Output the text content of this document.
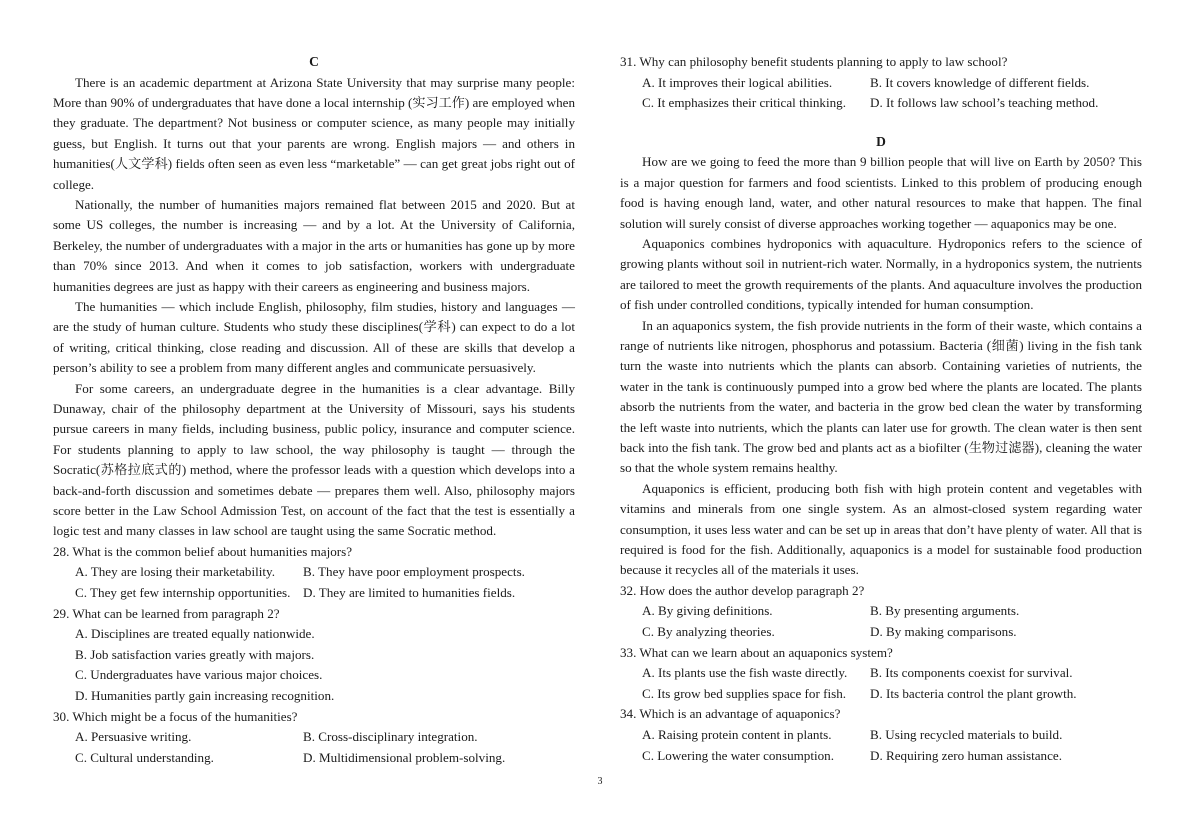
C

There is an academic department at Arizona State University that may surprise many people: More than 90% of undergraduates that have done a local internship (实习工作) are employed when they graduate. The department? Not business or computer science, as many people may initially guess, but English. It turns out that your parents are wrong. English majors — and others in humanities(人文学科) fields often seen as even less “marketable” — can get great jobs right out of college.

Nationally, the number of humanities majors remained flat between 2015 and 2020. But at some US colleges, the number is increasing — and by a lot. At the University of California, Berkeley, the number of undergraduates with a major in the arts or humanities has gone up by more than 70% since 2013. And when it comes to job satisfaction, workers with undergraduate humanities degrees are just as happy with their careers as engineering and business majors.

The humanities — which include English, philosophy, film studies, history and languages — are the study of human culture. Students who study these disciplines(学科) can expect to do a lot of writing, critical thinking, close reading and discussion. All of these are skills that develop a person’s ability to see a problem from many different angles and communicate persuasively.

For some careers, an undergraduate degree in the humanities is a clear advantage. Billy Dunaway, chair of the philosophy department at the University of Missouri, says his students pursue careers in many fields, including business, public policy, insurance and computer science. For students planning to apply to law school, the way philosophy is taught — through the Socratic(苏格拉底式的) method, where the professor leads with a question which develops into a back-and-forth discussion and sometimes debate — prepares them well. Also, philosophy majors score better in the Law School Admission Test, on account of the fact that the test is essentially a logic test and many classes in law school are taught using the same Socratic method.

28. What is the common belief about humanities majors?

A. They are losing their marketability.	B. They have poor employment prospects.
C. They get few internship opportunities. D. They are limited to humanities fields.

29. What can be learned from paragraph 2?

A. Disciplines are treated equally nationwide.
B. Job satisfaction varies greatly with majors.
C. Undergraduates have various major choices.
D. Humanities partly gain increasing recognition.

30. Which might be a focus of the humanities?

A. Persuasive writing.	B. Cross-disciplinary integration.
C. Cultural understanding.	D. Multidimensional problem-solving.

31. Why can philosophy benefit students planning to apply to law school?

A. It improves their logical abilities.	B. It covers knowledge of different fields.
C. It emphasizes their critical thinking.	D. It follows law school’s teaching method.
D

How are we going to feed the more than 9 billion people that will live on Earth by 2050? This is a major question for farmers and food scientists. Linked to this problem of producing enough food is having enough land, water, and other natural resources to make that happen. The final solution will surely consist of diverse approaches working together — aquaponics may be one.

Aquaponics combines hydroponics with aquaculture. Hydroponics refers to the science of growing plants without soil in nutrient-rich water. Normally, in a hydroponics system, the nutrients are tailored to meet the growth requirements of the plants. And aquaculture involves the production of fish under controlled conditions, typically intended for human consumption.

In an aquaponics system, the fish provide nutrients in the form of their waste, which contains a range of nutrients like nitrogen, phosphorus and potassium. Bacteria (细菌) living in the fish tank turn the waste into nutrients which the plants can absorb. Containing varieties of nutrients, the water in the tank is continuously pumped into a grow bed where the plants are located. The plants absorb the nutrients from the water, and bacteria in the grow bed clean the water by transforming the left waste into nutrients, which the plants can later use for growth. The clean water is then sent back into the fish tank. The grow bed and plants act as a biofilter (生物过滤器), cleaning the water so that the whole system remains healthy.

Aquaponics is efficient, producing both fish with high protein content and vegetables with vitamins and minerals from one single system. As an almost-closed system regarding water consumption, it uses less water and can be set up in areas that don’t have plenty of water. All that is required is food for the fish. Additionally, aquaponics is a model for sustainable food production because it recycles all of the materials it uses.

32. How does the author develop paragraph 2?

A. By giving definitions.	B. By presenting arguments.
C. By analyzing theories.	D. By making comparisons.

33. What can we learn about an aquaponics system?

A. Its plants use the fish waste directly.	B. Its components coexist for survival.
C. Its grow bed supplies space for fish.	D. Its bacteria control the plant growth.

34. Which is an advantage of aquaponics?

A. Raising protein content in plants.	B. Using recycled materials to build.
C. Lowering the water consumption.	D. Requiring zero human assistance.
3
